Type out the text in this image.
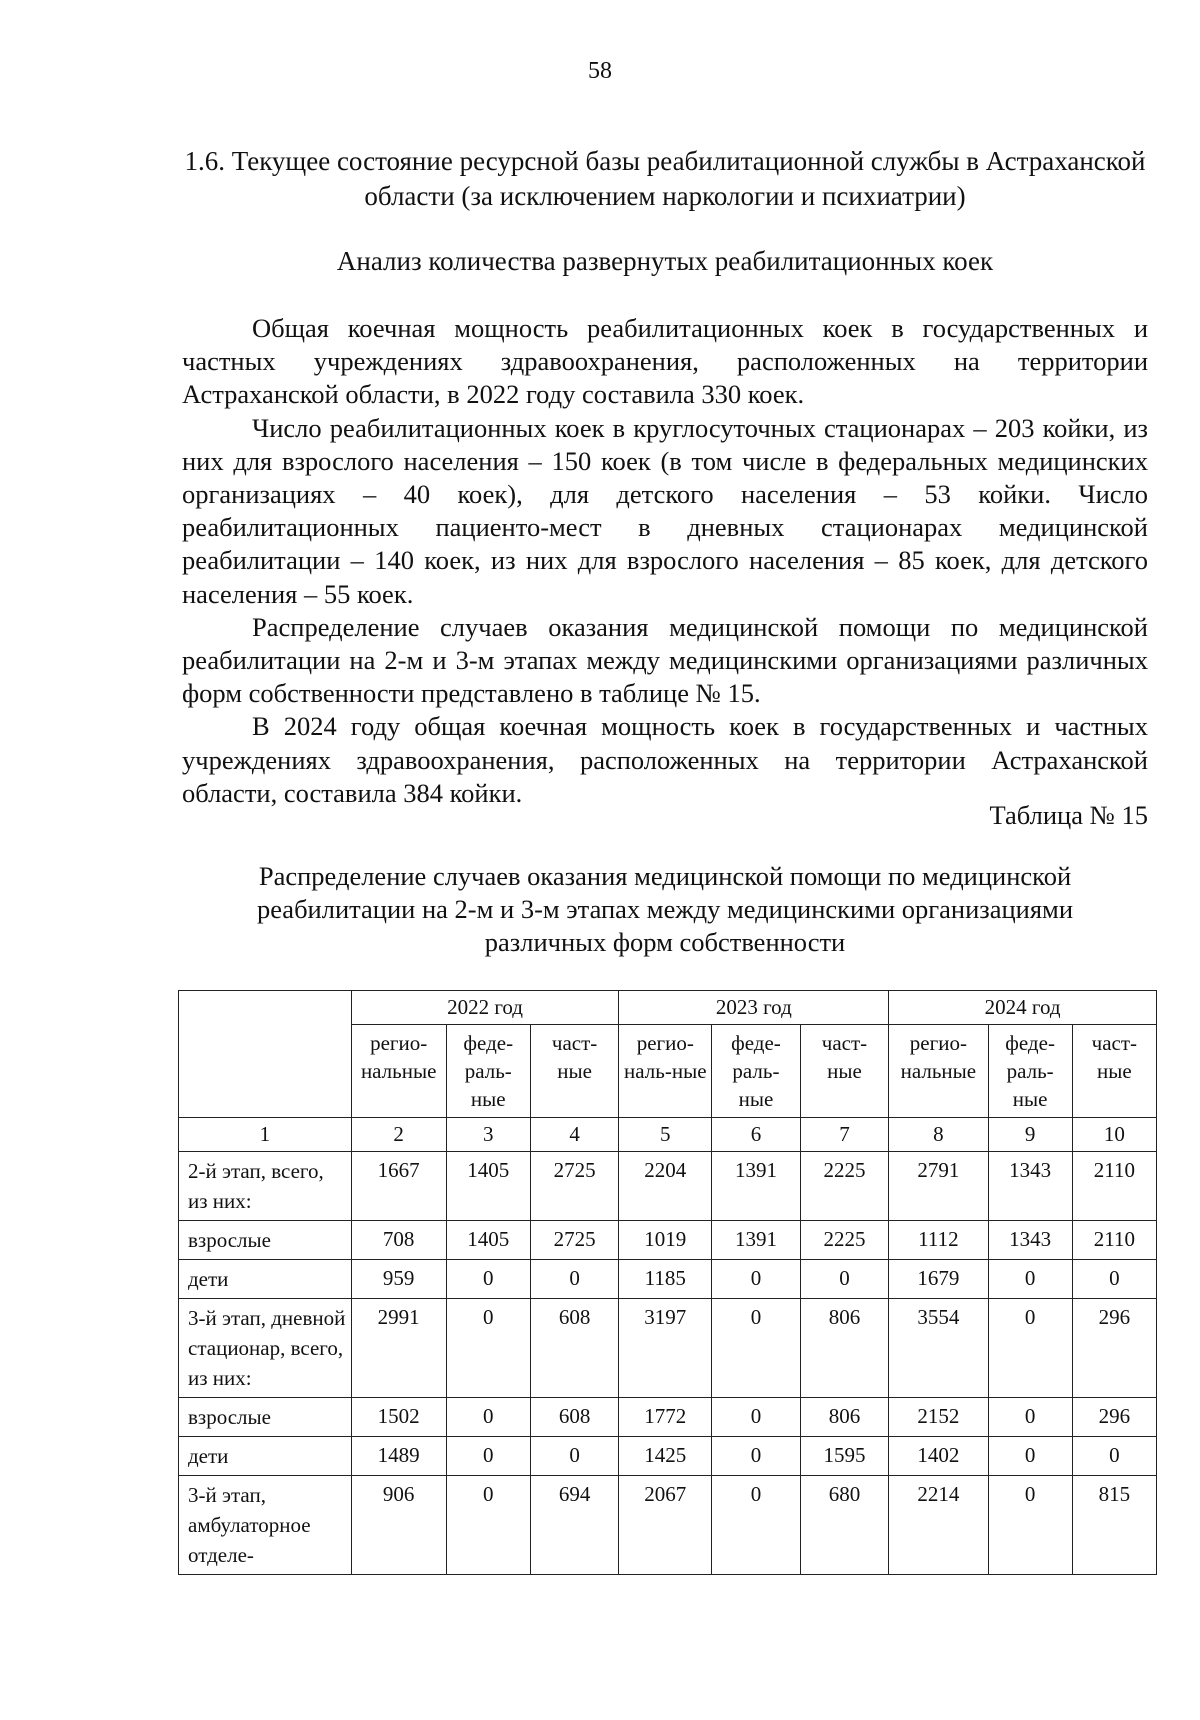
58
1.6. Текущее состояние ресурсной базы реабилитационной службы в Астраханской области (за исключением наркологии и психиатрии)
Анализ количества развернутых реабилитационных коек

Общая коечная мощность реабилитационных коек в государственных и частных учреждениях здравоохранения, расположенных на территории Астраханской области, в 2022 году составила 330 коек.

Число реабилитационных коек в круглосуточных стационарах – 203 койки, из них для взрослого населения – 150 коек (в том числе в федеральных медицинских организациях – 40 коек), для детского населения – 53 койки. Число реабилитационных пациенто-мест в дневных стационарах медицинской реабилитации – 140 коек, из них для взрослого населения – 85 коек, для детского населения – 55 коек.

Распределение случаев оказания медицинской помощи по медицинской реабилитации на 2-м и 3-м этапах между медицинскими организациями различных форм собственности представлено в таблице № 15.

В 2024 году общая коечная мощность коек в государственных и частных учреждениях здравоохранения, расположенных на территории Астраханской области, составила 384 койки.

Таблица № 15
Распределение случаев оказания медицинской помощи по медицинской реабилитации на 2-м и 3-м этапах между медицинскими организациями различных форм собственности
	2022 год			2023 год			2024 год		
	регио-нальные	феде-раль-ные	част-ные	регио-наль-ные	феде-раль-ные	част-ные	регио-нальные	феде-раль-ные	част-ные
1	2	3	4	5	6	7	8	9	10
2-й этап, всего, из них:	1667	1405	2725	2204	1391	2225	2791	1343	2110
взрослые	708	1405	2725	1019	1391	2225	1112	1343	2110
дети	959	0	0	1185	0	0	1679	0	0
3-й этап, дневной стационар, всего, из них:	2991	0	608	3197	0	806	3554	0	296
взрослые	1502	0	608	1772	0	806	2152	0	296
дети	1489	0	0	1425	0	1595	1402	0	0
3-й этап, амбулаторное отделе-	906	0	694	2067	0	680	2214	0	815
